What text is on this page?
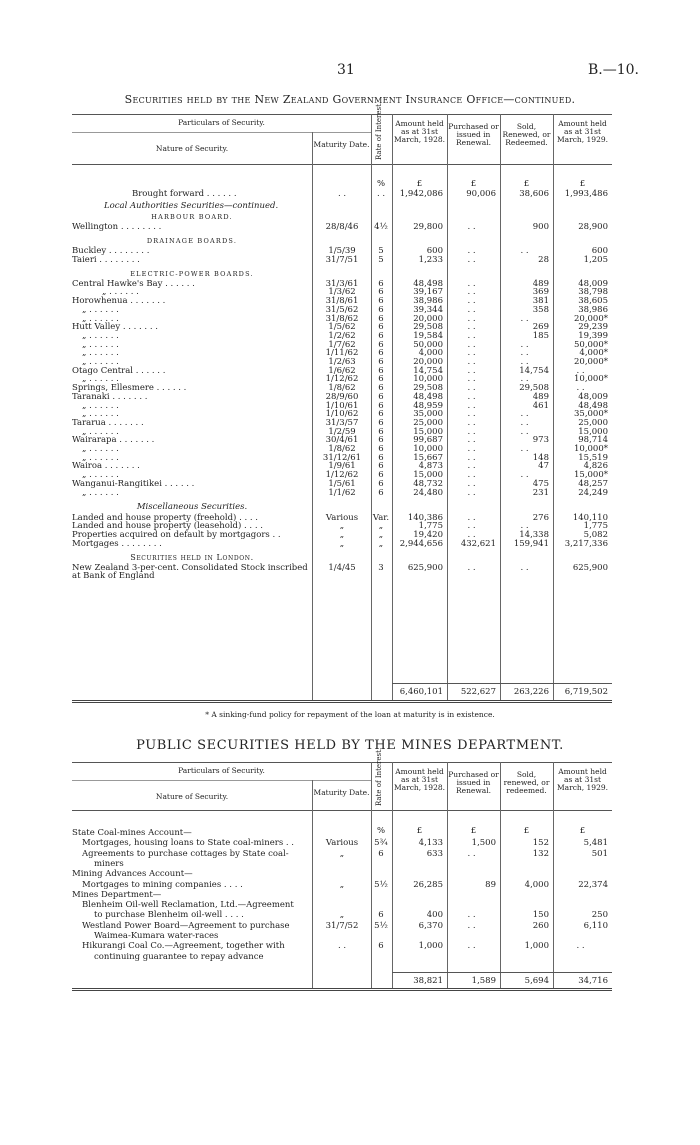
31	B.—10.
Securities held by the New Zealand Government Insurance Office—continued.
Particulars of Security.
Nature of Security.	Maturity Date. Rate of Interest.	Amount held as at 31st March, 1928.
Purchased or issued in Renewal.
Sold, Renewed, or Redeemed.
Amount held as at 31st March, 1929.
%	£	£	£	£
Brought forward . . . . . .	. .	. .	1,942,086	90,006	38,606	1,993,486
Local Authorities Securities—continued.
HARBOUR BOARD.
Wellington . . . . . . . .	28/8/46	4½	29,800	. .	900	28,900
DRAINAGE BOARDS.
Buckley . . . . . . . .	1/5/39	5	600	. .	. .	600
Taieri . . . . . . . .	31/7/51	5	1,233	. .	28	1,205
ELECTRIC-POWER BOARDS.
Central Hawke's Bay . . . . . .	31/3/61	6	48,498	. .	489	48,009
„ . . . . . .	1/3/62	6	39,167	. .	369	38,798
Horowhenua . . . . . . .	31/8/61	6	38,986	. .	381	38,605
„ . . . . . .	31/5/62	6	39,344	. .	358	38,986
„ . . . . . .	31/8/62	6	20,000	. .	. .	20,000*
Hutt Valley . . . . . . .	1/5/62	6	29,508	. .	269	29,239
„ . . . . . .	1/2/62	6	19,584	. .	185	19,399
„ . . . . . .	1/7/62	6	50,000	. .	. .	50,000*
„ . . . . . .	1/11/62	6	4,000	. .	. .	4,000*
„ . . . . . .	1/2/63	6	20,000	. .	. .	20,000*
Otago Central . . . . . .	1/6/62	6	14,754	. .	14,754	. .
„ . . . . . .	1/12/62	6	10,000	. .	. .	10,000*
Springs, Ellesmere . . . . . .	1/8/62	6	29,508	. .	29,508	. .
Taranaki . . . . . . .	28/9/60	6	48,498	. .	489	48,009
„ . . . . . .	1/10/61	6	48,959	. .	461	48,498
„ . . . . . .	1/10/62	6	35,000	. .	. .	35,000*
Tararua . . . . . . .	31/3/57	6	25,000	. .	. .	25,000
„ . . . . . .	1/2/59	6	15,000	. .	. .	15,000
Wairarapa . . . . . . .	30/4/61	6	99,687	. .	973	98,714
„ . . . . . .	1/8/62	6	10,000	. .	. .	10,000*
„ . . . . . .	31/12/61	6	15,667	. .	148	15,519
Wairoa . . . . . . .	1/9/61	6	4,873	. .	47	4,826
„ . . . . . .	1/12/62	6	15,000	. .	. .	15,000*
Wanganui-Rangitikei . . . . . .	1/5/61	6	48,732	. .	475	48,257
„ . . . . . .	1/1/62	6	24,480	. .	231	24,249
Miscellaneous Securities.
Landed and house property (freehold) . . . .	Various	Var.	140,386	. .	276	140,110
Landed and house property (leasehold) . . . .	„	„	1,775	. .	. .	1,775
Properties acquired on default by mortgagors . .	„	„	19,420	. .	14,338	5,082
Mortgages . . . . . . . .	„	„	2,944,656	432,621	159,941	3,217,336
Securities held in London.
New Zealand 3-per-cent. Consolidated Stock inscribed	1/4/45	3	625,900	. .	. .	625,900
at Bank of England
6,460,101	522,627	263,226	6,719,502
* A sinking-fund policy for repayment of the loan at maturity is in existence.
PUBLIC SECURITIES HELD BY THE MINES DEPARTMENT.
Particulars of Security.
Nature of Security.	Maturity Date. Rate of Interest.	Amount held as at 31st March, 1928.
Purchased or issued in Renewal.
Sold, renewed, or redeemed.
Amount held as at 31st March, 1929.
%	£	£	£	£
State Coal-mines Account—
Mortgages, housing loans to State coal-miners . .	Various	5¾	4,133	1,500	152	5,481
Agreements to purchase cottages by State coal-	„	6	633	. .	132	501
miners
Mining Advances Account—
Mortgages to mining companies . . . .	„	5½	26,285	89	4,000	22,374
Mines Department—
Blenheim Oil-well Reclamation, Ltd.—Agreement
to purchase Blenheim oil-well . . . .	„	6	400	. .	150	250
Westland Power Board—Agreement to purchase	31/7/52	5½	6,370	. .	260	6,110
Waimea-Kumara water-races
Hikurangi Coal Co.—Agreement, together with	. .	6	1,000	. .	1,000	. .
continuing guarantee to repay advance
38,821	1,589	5,694	34,716
